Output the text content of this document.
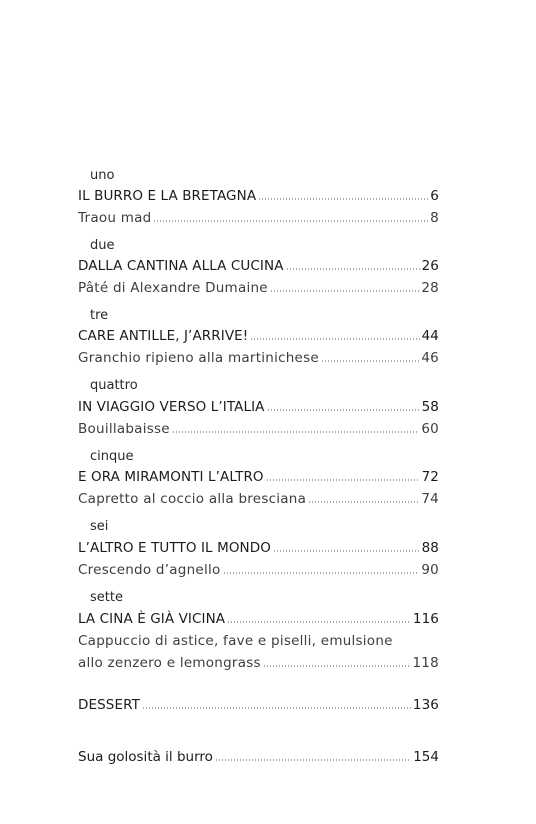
uno
IL BURRO E LA BRETAGNA	6
Traou mad	8
due
DALLA CANTINA ALLA CUCINA	26
Pâté di Alexandre Dumaine	28
tre
CARE ANTILLE, J’ARRIVE!	44
Granchio ripieno alla martinichese	46
quattro
IN VIAGGIO VERSO L’ITALIA	58
Bouillabaisse	60
cinque
E ORA MIRAMONTI L’ALTRO	72
Capretto al coccio alla bresciana	74
sei
L’ALTRO E TUTTO IL MONDO	88
Crescendo d’agnello	90
sette
LA CINA È GIÀ VICINA	116
Cappuccio di astice, fave e piselli, emulsione
allo zenzero e lemongrass	118
DESSERT	136
Sua golosità il burro	154
